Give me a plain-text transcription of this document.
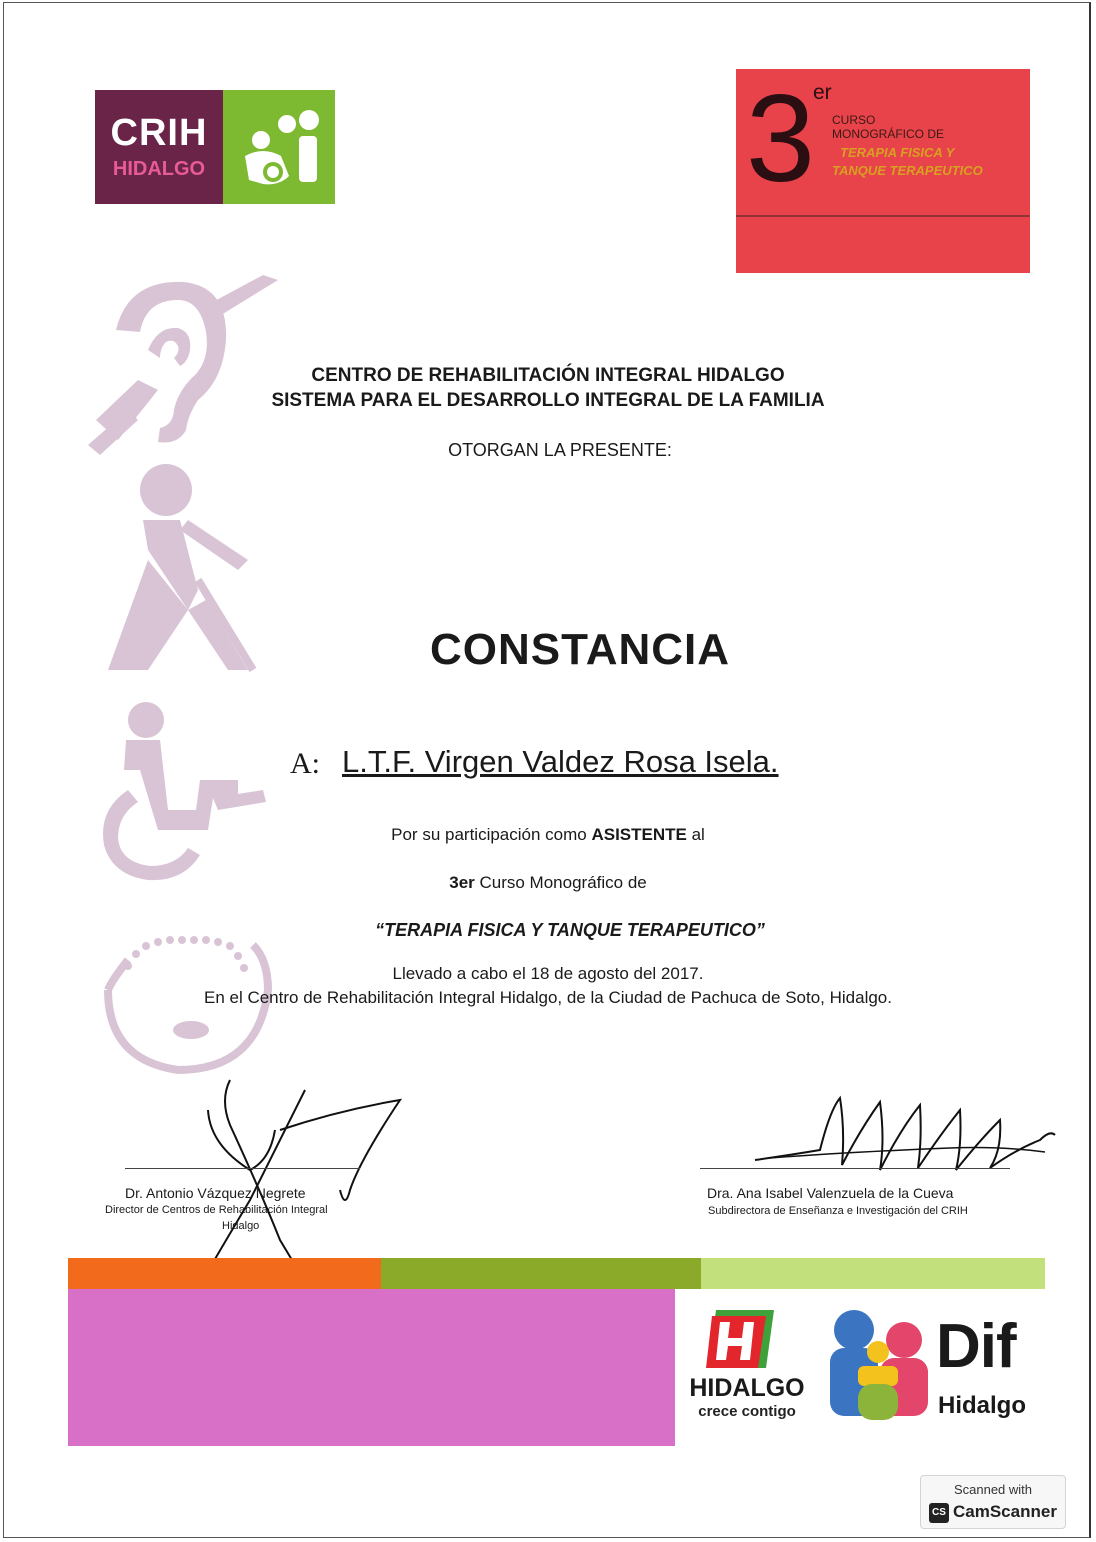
CRIH
HIDALGO	3
er
CURSO
MONOGRÁFICO DE
TERAPIA FISICA Y
TANQUE TERAPEUTICO
CENTRO DE REHABILITACIÓN INTEGRAL HIDALGO
SISTEMA PARA EL DESARROLLO INTEGRAL DE LA FAMILIA
OTORGAN LA PRESENTE:
CONSTANCIA
A: L.T.F. Virgen Valdez Rosa Isela.
Por su participación como ASISTENTE al
3er Curso Monográfico de
“TERAPIA FISICA Y TANQUE TERAPEUTICO”
Llevado a cabo el 18 de agosto del 2017.
En el Centro de Rehabilitación Integral Hidalgo, de la Ciudad de Pachuca de Soto, Hidalgo.
Dr. Antonio Vázquez Negrete
Director de Centros de Rehabilitación Integral
Hidalgo
Dra. Ana Isabel Valenzuela de la Cueva
Subdirectora de Enseñanza e Investigación del CRIH
HIDALGO
crece contigo
Dif
Hidalgo
Scanned with
CS CamScanner
